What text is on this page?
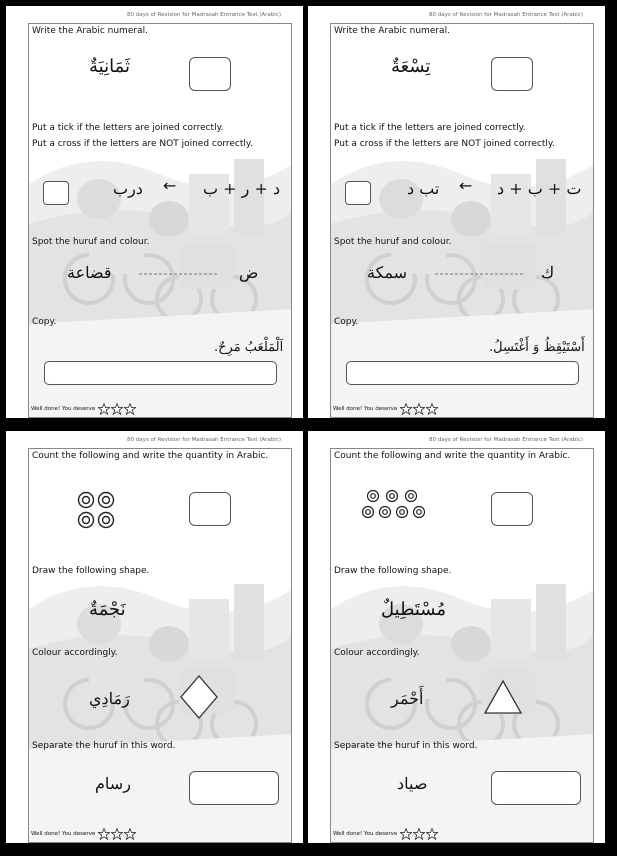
80 days of Revision for Madrasah Entrance Test (Arabic)
Write the Arabic numeral.
ثَمَانِيَةٌ
Put a tick if the letters are joined correctly.
Put a cross if the letters are NOT joined correctly.
درب ← د + ر + ب
Spot the huruf and colour.
قضاعة	ض
Copy.
اَلْمَلْعَبُ مَرِحٌ.
Well done! You deserve
80 days of Revision for Madrasah Entrance Test (Arabic)
Write the Arabic numeral.
تِسْعَةٌ
Put a tick if the letters are joined correctly.
Put a cross if the letters are NOT joined correctly.
تب د ← ت + ب + د
Spot the huruf and colour.
سمكة	ك
Copy.
أَسْتَيْقِظُ وَ أَغْتَسِلُ.
Well done! You deserve
80 days of Revision for Madrasah Entrance Test (Arabic)
Count the following and write the quantity in Arabic.
Draw the following shape.
نَجْمَةٌ
Colour accordingly.
رَمَادِي
Separate the huruf in this word.
رسام
Well done! You deserve
80 days of Revision for Madrasah Entrance Test (Arabic)
Count the following and write the quantity in Arabic.
Draw the following shape.
مُسْتَطِيلٌ
Colour accordingly.
أَحْمَر
Separate the huruf in this word.
صياد
Well done! You deserve
